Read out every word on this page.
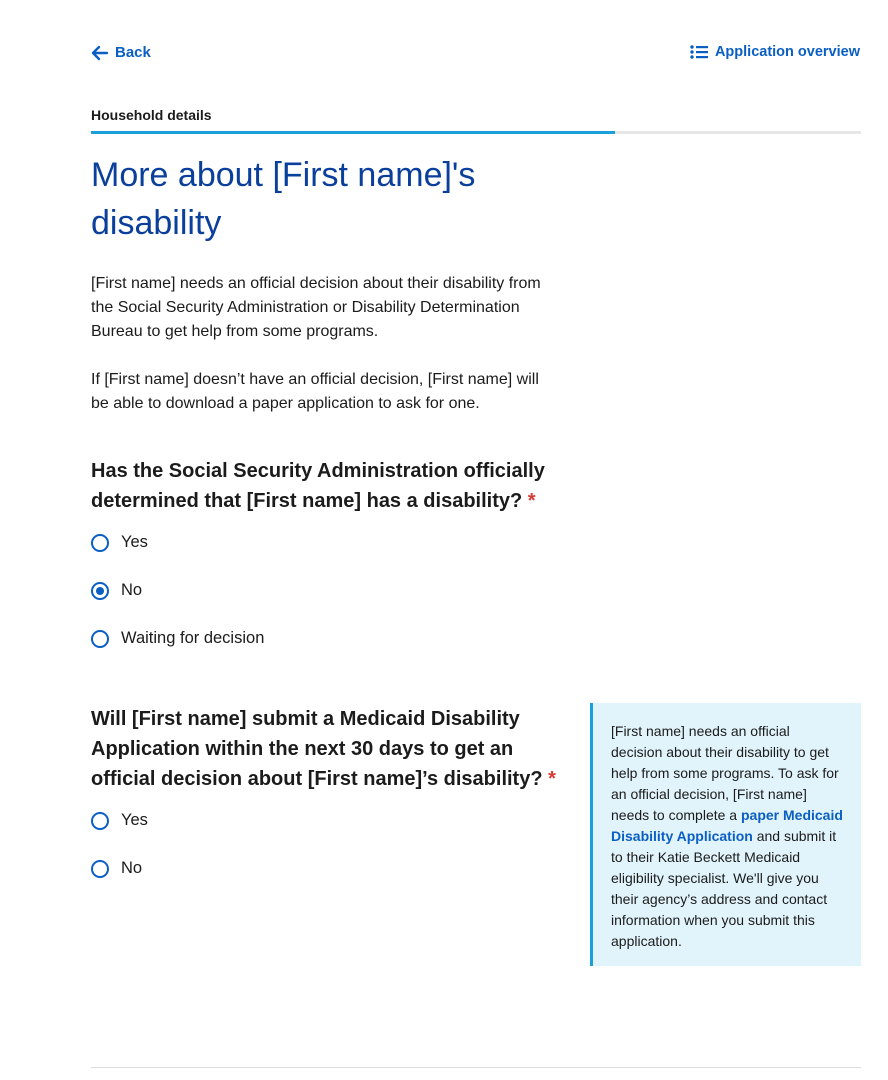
Back	Application overview
Household details
More about [First name]'s disability

[First name] needs an official decision about their disability from the Social Security Administration or Disability Determination Bureau to get help from some programs.

If [First name] doesn’t have an official decision, [First name] will be able to download a paper application to ask for one.

Has the Social Security Administration officially determined that [First name] has a disability? *
Yes
No
Waiting for decision
Will [First name] submit a Medicaid Disability Application within the next 30 days to get an official decision about [First name]’s disability? *
Yes
No
[First name] needs an official decision about their disability to get help from some programs. To ask for an official decision, [First name] needs to complete a paper Medicaid Disability Application and submit it to their Katie Beckett Medicaid eligibility specialist. We'll give you their agency’s address and contact information when you submit this application.
